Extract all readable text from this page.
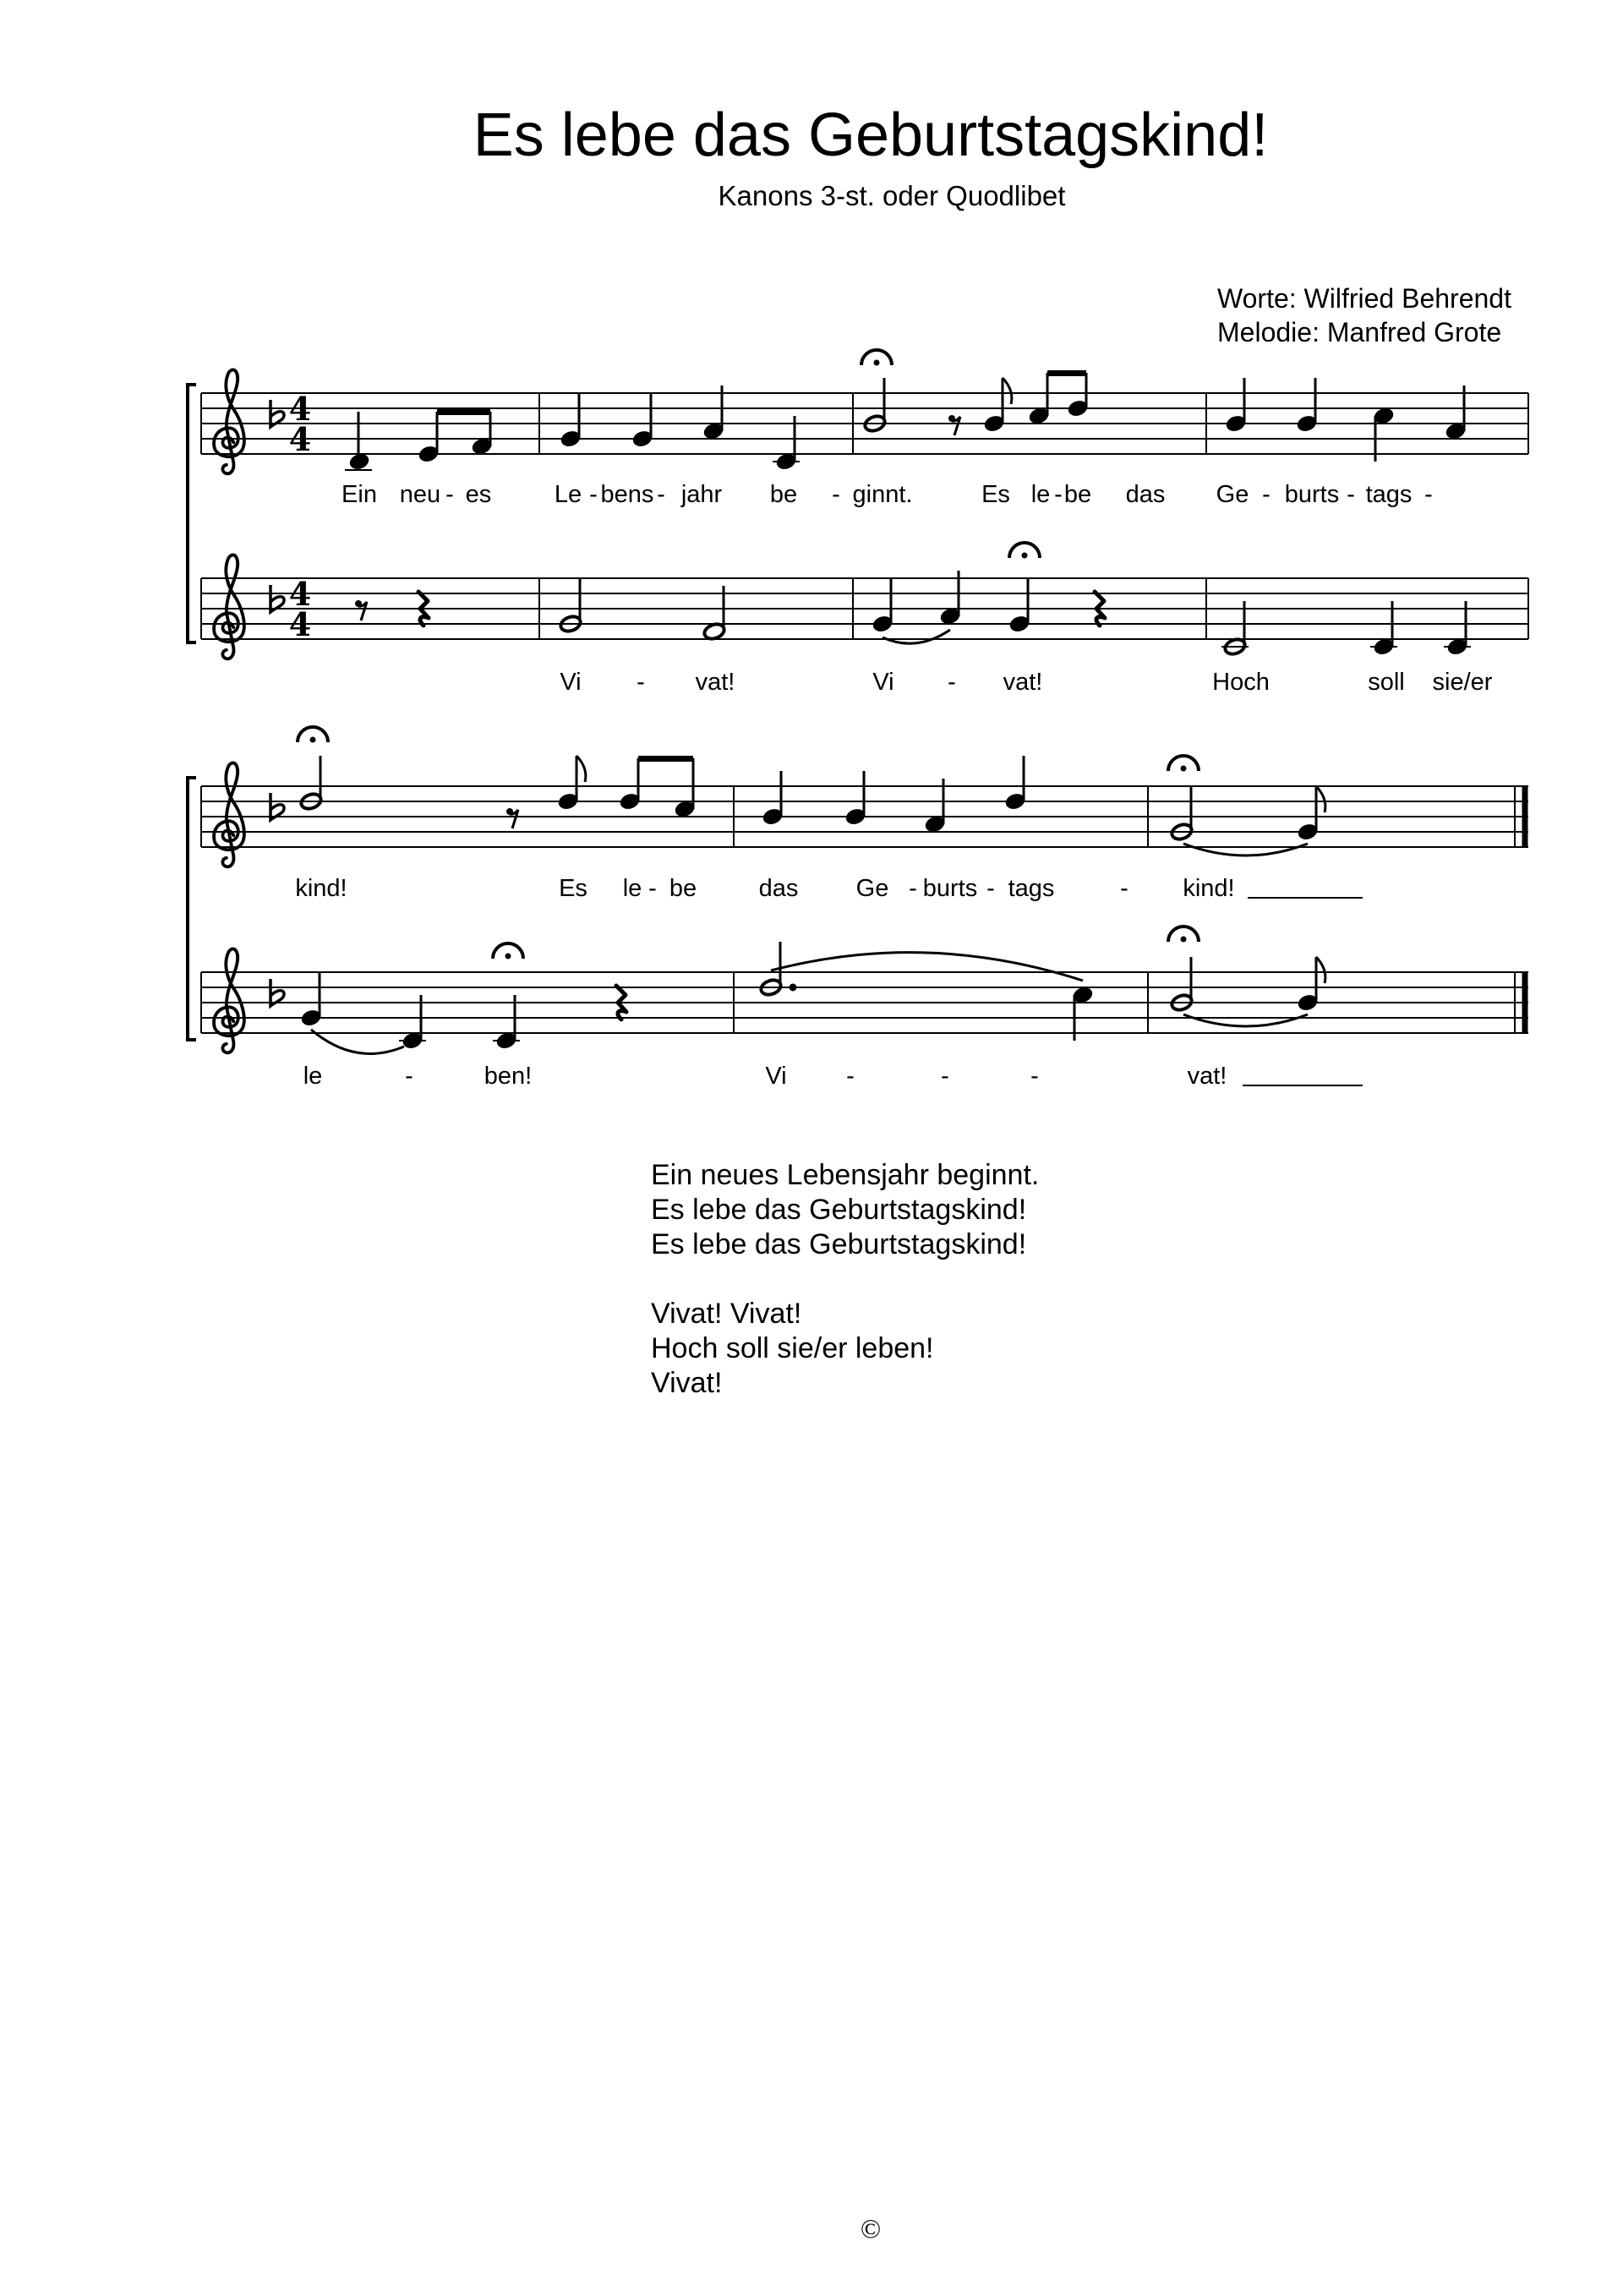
Es lebe das Geburtstagskind!
Kanons 3-st. oder Quodlibet
Worte: Wilfried Behrendt
Melodie: Manfred Grote
4
4
Ein neu - es	Le - bens - jahr be - ginnt.	Es le - be das Ge - burts - tags -
4
4
Vi - vat!	Vi - vat!	Hoch	soll sie/er
kind!	Es le - be	das Ge - burts - tags	- kind!
le	-	ben!	Vi -	-	-	vat!
Ein neues Lebensjahr beginnt.
Es lebe das Geburtstagskind!
Es lebe das Geburtstagskind!
Vivat! Vivat!
Hoch soll sie/er leben!
Vivat!
©
